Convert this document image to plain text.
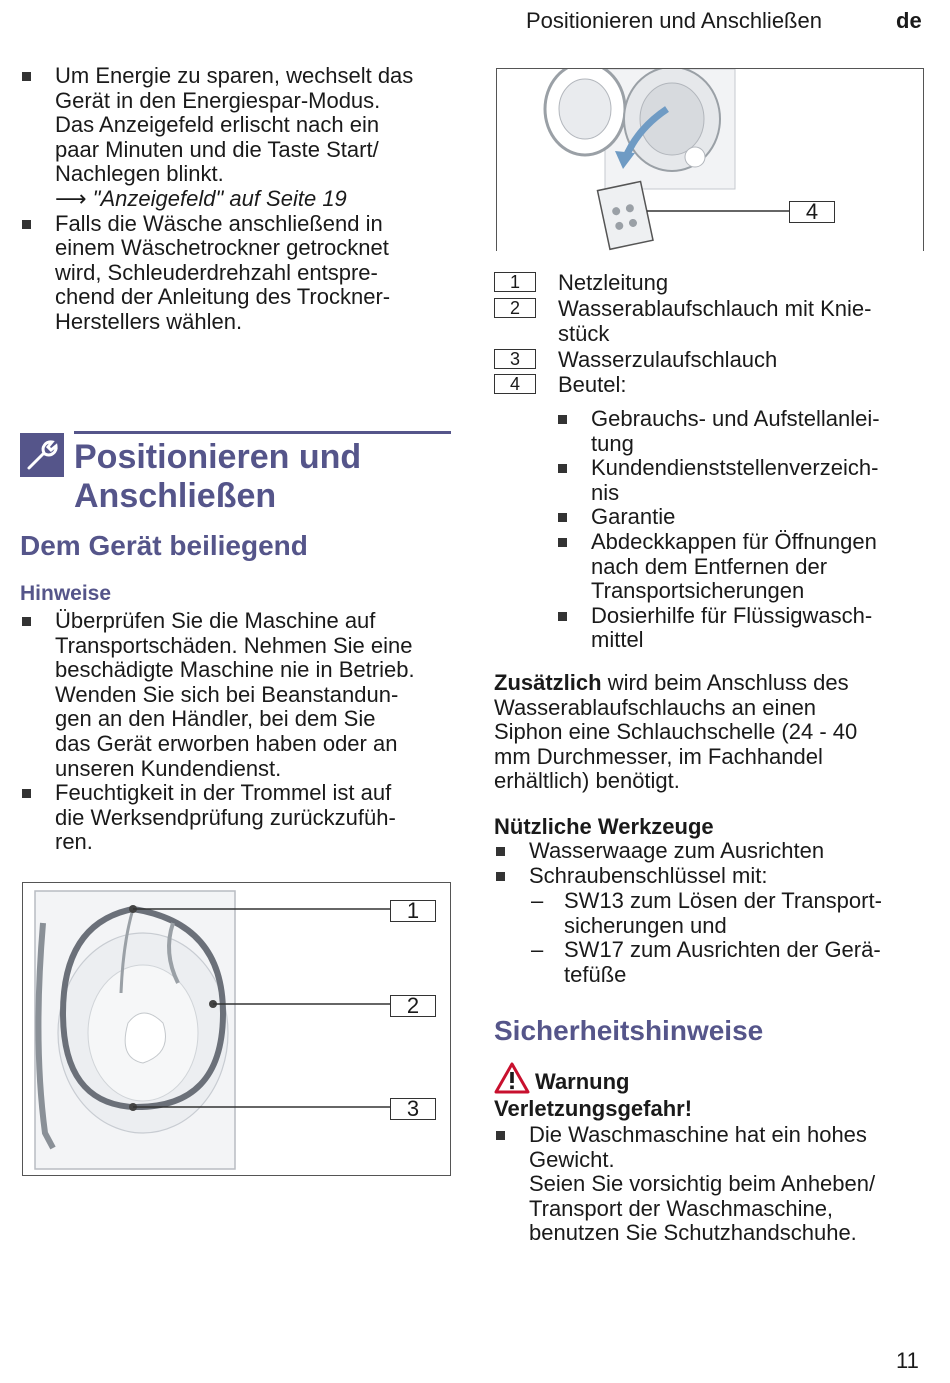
Positionieren und Anschließen	de
Um Energie zu sparen, wechselt das
Gerät in den Energiespar-Modus.
Das Anzeigefeld erlischt nach ein
paar Minuten und die Taste Start/
Nachlegen blinkt.
⟶ "Anzeigefeld" auf Seite 19
Falls die Wäsche anschließend in
einem Wäschetrockner getrocknet
wird, Schleuderdrehzahl entspre-
chend der Anleitung des Trockner-
Herstellers wählen.
Positionieren und
Anschließen
Dem Gerät beiliegend
Hinweise
Überprüfen Sie die Maschine auf
Transportschäden. Nehmen Sie eine
beschädigte Maschine nie in Betrieb.
Wenden Sie sich bei Beanstandun-
gen an den Händler, bei dem Sie
das Gerät erworben haben oder an
unseren Kundendienst.
Feuchtigkeit in der Trommel ist auf
die Werksendprüfung zurückzufüh-
ren.
1
2
3
4
1	Netzleitung
2	Wasserablaufschlauch mit Knie-
stück
3	Wasserzulaufschlauch
4	Beutel:
Gebrauchs- und Aufstellanlei-
tung
Kundendienststellenverzeich-
nis
Garantie
Abdeckkappen für Öffnungen
nach dem Entfernen der
Transportsicherungen
Dosierhilfe für Flüssigwasch-
mittel
Zusätzlich wird beim Anschluss des
Wasserablaufschlauchs an einen
Siphon eine Schlauchschelle (24 - 40
mm Durchmesser, im Fachhandel
erhältlich) benötigt.
Nützliche Werkzeuge
Wasserwaage zum Ausrichten
Schraubenschlüssel mit:
– SW13 zum Lösen der Transport-
sicherungen und
– SW17 zum Ausrichten der Gerä-
tefüße
Sicherheitshinweise
Warnung
Verletzungsgefahr!
Die Waschmaschine hat ein hohes
Gewicht.
Seien Sie vorsichtig beim Anheben/
Transport der Waschmaschine,
benutzen Sie Schutzhandschuhe.
11
